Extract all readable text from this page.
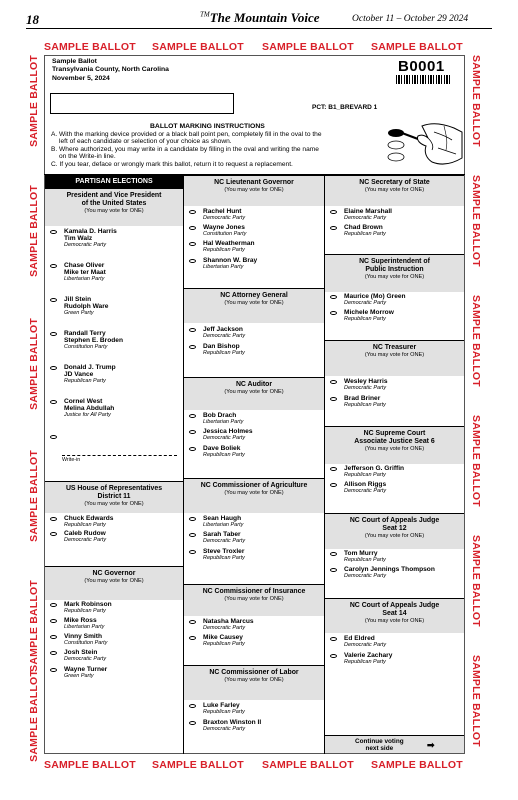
18	™The Mountain Voice	October 11 – October 29 2024
SAMPLE BALLOT SAMPLE BALLOT SAMPLE BALLOT SAMPLE BALLOT
SAMPLE BALLOT SAMPLE BALLOT SAMPLE BALLOT SAMPLE BALLOT
SAMPLE BALLOT
SAMPLE BALLOT
SAMPLE BALLOT
SAMPLE BALLOT
SAMPLE BALLOT
SAMPLE BALLOT
SAMPLE BALLOT
SAMPLE BALLOT
SAMPLE BALLOT
SAMPLE BALLOT
SAMPLE BALLOT
SAMPLE BALLOT
Sample Ballot
Transylvania County, North Carolina
November 5, 2024
B0001
PCT: B1_BREVARD 1
BALLOT MARKING INSTRUCTIONS
A. With the marking device provided or a black ball point pen, completely fill in the oval to the
left of each candidate or selection of your choice as shown.
B. Where authorized, you may write in a candidate by filling in the oval and writing the name
on the Write-in line.
C. If you tear, deface or wrongly mark this ballot, return it to request a replacement.
PARTISAN ELECTIONS
President and Vice President
of the United States
(You may vote for ONE)
Kamala D. Harris
Tim Walz
Democratic Party
Chase Oliver
Mike ter Maat
Libertarian Party
Jill Stein
Rudolph Ware
Green Party
Randall Terry
Stephen E. Broden
Constitution Party
Donald J. Trump
JD Vance
Republican Party
Cornel West
Melina Abdullah
Justice for All Party
US House of Representatives
District 11
(You may vote for ONE)
Chuck Edwards
Republican Party
Caleb Rudow
Democratic Party
NC Governor
(You may vote for ONE)
Mark Robinson
Republican Party
Mike Ross
Libertarian Party
Vinny Smith
Constitution Party
Josh Stein
Democratic Party
Wayne Turner
Green Party
NC Lieutenant Governor
(You may vote for ONE)
Rachel Hunt
Democratic Party
Wayne Jones
Constitution Party
Hal Weatherman
Republican Party
Shannon W. Bray
Libertarian Party
NC Attorney General
(You may vote for ONE)
Jeff Jackson
Democratic Party
Dan Bishop
Republican Party
NC Auditor
(You may vote for ONE)
Bob Drach
Libertarian Party
Jessica Holmes
Democratic Party
Dave Boliek
Republican Party
NC Commissioner of Agriculture
(You may vote for ONE)
Sean Haugh
Libertarian Party
Sarah Taber
Democratic Party
Steve Troxler
Republican Party
NC Commissioner of Insurance
(You may vote for ONE)
Natasha Marcus
Democratic Party
Mike Causey
Republican Party
NC Commissioner of Labor
(You may vote for ONE)
Luke Farley
Republican Party
Braxton Winston II
Democratic Party
NC Secretary of State
(You may vote for ONE)
Elaine Marshall
Democratic Party
Chad Brown
Republican Party
NC Superintendent of
Public Instruction
(You may vote for ONE)
Maurice (Mo) Green
Democratic Party
Michele Morrow
Republican Party
NC Treasurer
(You may vote for ONE)
Wesley Harris
Democratic Party
Brad Briner
Republican Party
NC Supreme Court
Associate Justice Seat 6
(You may vote for ONE)
Jefferson G. Griffin
Republican Party
Allison Riggs
Democratic Party
NC Court of Appeals Judge
Seat 12
(You may vote for ONE)
Tom Murry
Republican Party
Carolyn Jennings Thompson
Democratic Party
NC Court of Appeals Judge
Seat 14
(You may vote for ONE)
Ed Eldred
Democratic Party
Valerie Zachary
Republican Party
Write-in
Continue voting
next side	➡
